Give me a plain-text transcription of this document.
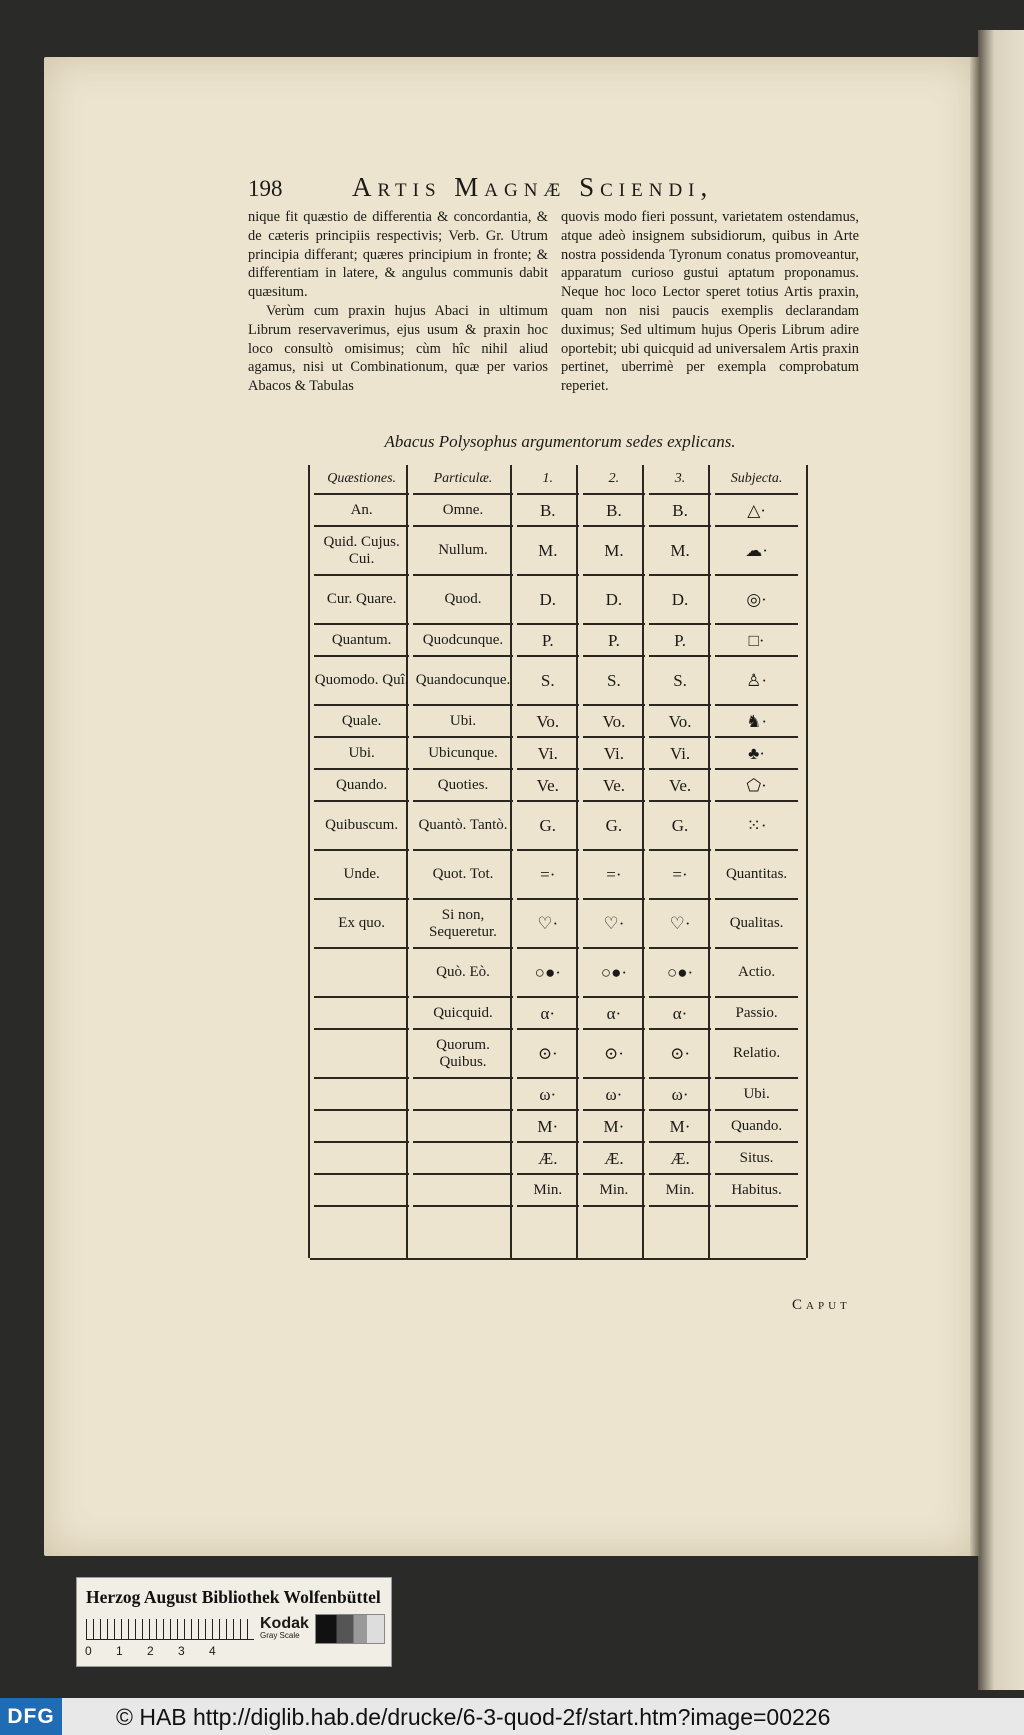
198	Artis Magnæ Sciendi,

nique fit quæstio de differentia & concordantia, & de cæteris principiis respectivis; Verb. Gr. Utrum principia differant; quæres principium in fronte; & differentiam in latere, & angulus communis dabit quæsitum.

Verùm cum praxin hujus Abaci in ultimum Librum reservaverimus, ejus usum & praxin hoc loco consultò omisimus; cùm hîc nihil aliud agamus, nisi ut Combinationum, quæ per varios Abacos & Tabulas

quovis modo fieri possunt, varietatem ostendamus, atque adeò insignem subsidiorum, quibus in Arte nostra possidenda Tyronum conatus promoveantur, apparatum curioso gustui aptatum proponamus. Neque hoc loco Lector speret totius Artis praxin, quam non nisi paucis exemplis declarandam duximus; Sed ultimum hujus Operis Librum adire oportebit; ubi quicquid ad universalem Artis praxin pertinet, uberrimè per exempla comprobatum reperiet.

Abacus Polysophus argumentorum sedes explicans.
Quæstiones.	Particulæ.	1.	2.	3.	Subjecta.
An.	Omne.	B.	B.	B.	△·
Quid. Cujus. Cui.	Nullum.	M.	M.	M.	☁·
Cur. Quare.	Quod.	D.	D.	D.	◎·
Quantum.	Quodcunque.	P.	P.	P.	□·
Quomodo. Quî.	Quandocunque.	S.	S.	S.	♙·
Quale.	Ubi.	Vo.	Vo.	Vo.	♞·
Ubi.	Ubicunque.	Vi.	Vi.	Vi.	♣·
Quando.	Quoties.	Ve.	Ve.	Ve.	⬠·
Quibuscum.	Quantò. Tantò.	G.	G.	G.	⁙·
Unde.	Quot. Tot.	=·	=·	=·	Quantitas.
Ex quo.	Si non, Sequeretur.	♡·	♡·	♡·	Qualitas.
	Quò. Eò.	○●·	○●·	○●·	Actio.
	Quicquid.	α·	α·	α·	Passio.
	Quorum. Quibus.	⊙·	⊙·	⊙·	Relatio.
		ω·	ω·	ω·	Ubi.
		M·	M·	M·	Quando.
		Æ.	Æ.	Æ.	Situs.
		Min.	Min.	Min.	Habitus.
Caput
Herzog August Bibliothek Wolfenbüttel
0 1 2 3 4
Kodak
Gray Scale
DFG	© HAB http://diglib.hab.de/drucke/6-3-quod-2f/start.htm?image=00226
